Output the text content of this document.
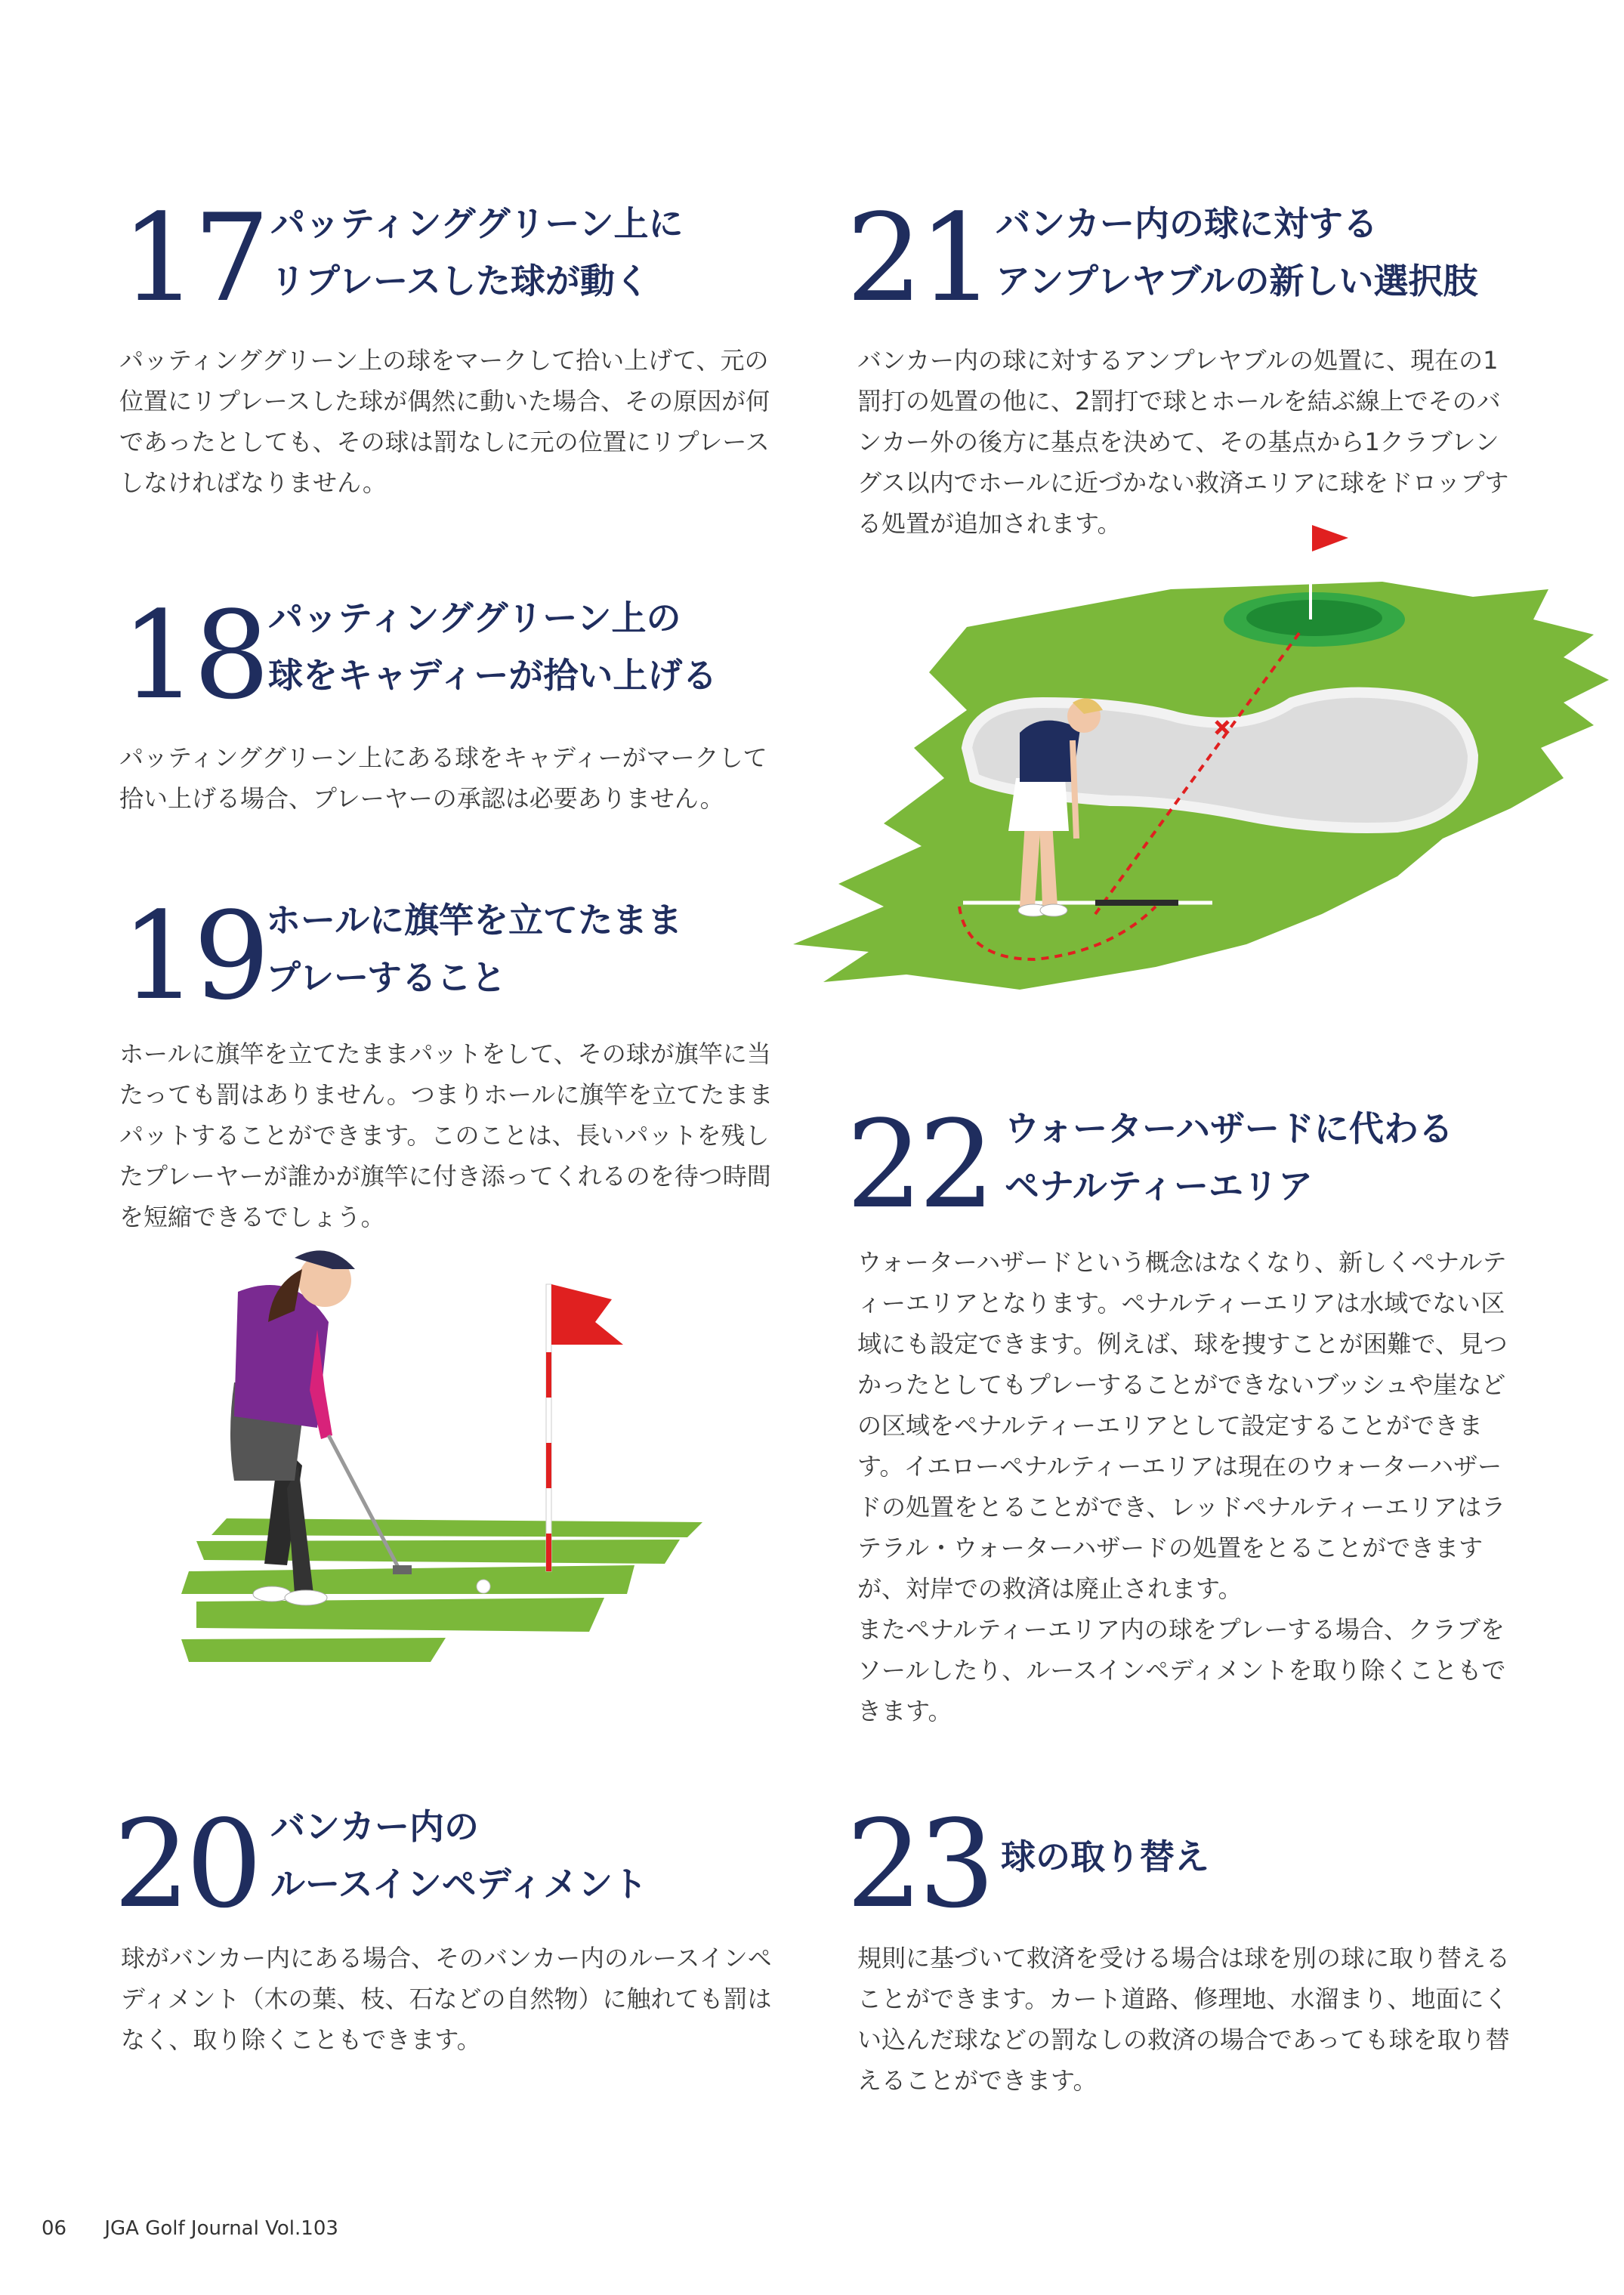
17 パッティンググリーン上に
リプレースした球が動く
パッティンググリーン上の球をマークして拾い上げて、元の位置にリプレースした球が偶然に動いた場合、その原因が何であったとしても、その球は罰なしに元の位置にリプレースしなければなりません。
18 パッティンググリーン上の
球をキャディーが拾い上げる
パッティンググリーン上にある球をキャディーがマークして拾い上げる場合、プレーヤーの承認は必要ありません。
19 ホールに旗竿を立てたまま
プレーすること
ホールに旗竿を立てたままパットをして、その球が旗竿に当たっても罰はありません。つまりホールに旗竿を立てたままパットすることができます。このことは、長いパットを残したプレーヤーが誰かが旗竿に付き添ってくれるのを待つ時間を短縮できるでしょう。
20 バンカー内の
ルースインペディメント
球がバンカー内にある場合、そのバンカー内のルースインペディメント（木の葉、枝、石などの自然物）に触れても罰はなく、取り除くこともできます。
21 バンカー内の球に対する
アンプレヤブルの新しい選択肢
バンカー内の球に対するアンプレヤブルの処置に、現在の1罰打の処置の他に、2罰打で球とホールを結ぶ線上でそのバンカー外の後方に基点を決めて、その基点から1クラブレングス以内でホールに近づかない救済エリアに球をドロップする処置が追加されます。
22 ウォーターハザードに代わる
ペナルティーエリア
ウォーターハザードという概念はなくなり、新しくペナルティーエリアとなります。ペナルティーエリアは水域でない区域にも設定できます。例えば、球を捜すことが困難で、見つかったとしてもプレーすることができないブッシュや崖などの区域をペナルティーエリアとして設定することができます。イエローペナルティーエリアは現在のウォーターハザードの処置をとることができ、レッドペナルティーエリアはラテラル・ウォーターハザードの処置をとることができますが、対岸での救済は廃止されます。
またペナルティーエリア内の球をプレーする場合、クラブをソールしたり、ルースインペディメントを取り除くこともできます。
23 球の取り替え
規則に基づいて救済を受ける場合は球を別の球に取り替えることができます。カート道路、修理地、水溜まり、地面にくい込んだ球などの罰なしの救済の場合であっても球を取り替えることができます。
06 JGA Golf Journal Vol.103
